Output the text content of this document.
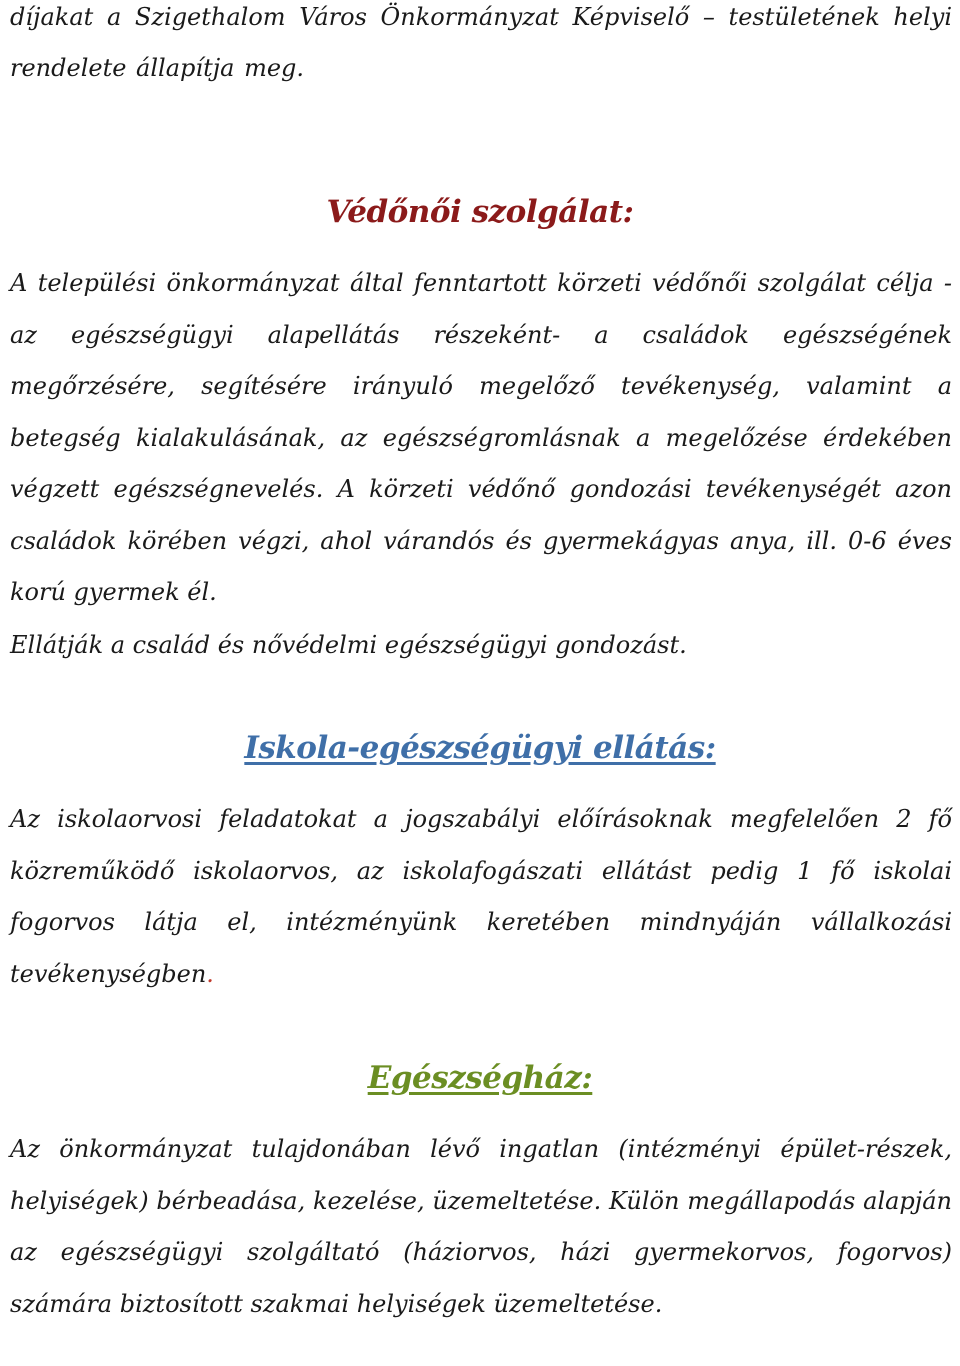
díjakat a Szigethalom Város Önkormányzat Képviselő – testületének helyi rendelete állapítja meg.

Védőnői szolgálat:

A települési önkormányzat által fenntartott körzeti védőnői szolgálat célja - az egészségügyi alapellátás részeként- a családok egészségének megőrzésére, segítésére irányuló megelőző tevékenység, valamint a betegség kialakulásának, az egészségromlásnak a megelőzése érdekében végzett egészségnevelés. A körzeti védőnő gondozási tevékenységét azon családok körében végzi, ahol várandós és gyermekágyas anya, ill. 0-6 éves korú gyermek él.

Ellátják a család és nővédelmi egészségügyi gondozást.

Iskola-egészségügyi ellátás:

Az iskolaorvosi feladatokat a jogszabályi előírásoknak megfelelően 2 fő közreműködő iskolaorvos, az iskolafogászati ellátást pedig 1 fő iskolai fogorvos látja el, intézményünk keretében mindnyáján vállalkozási tevékenységben.

Egészségház:

Az önkormányzat tulajdonában lévő ingatlan (intézményi épület-részek, helyiségek) bérbeadása, kezelése, üzemeltetése. Külön megállapodás alapján az egészségügyi szolgáltató (háziorvos, házi gyermekorvos, fogorvos) számára biztosított szakmai helyiségek üzemeltetése.
